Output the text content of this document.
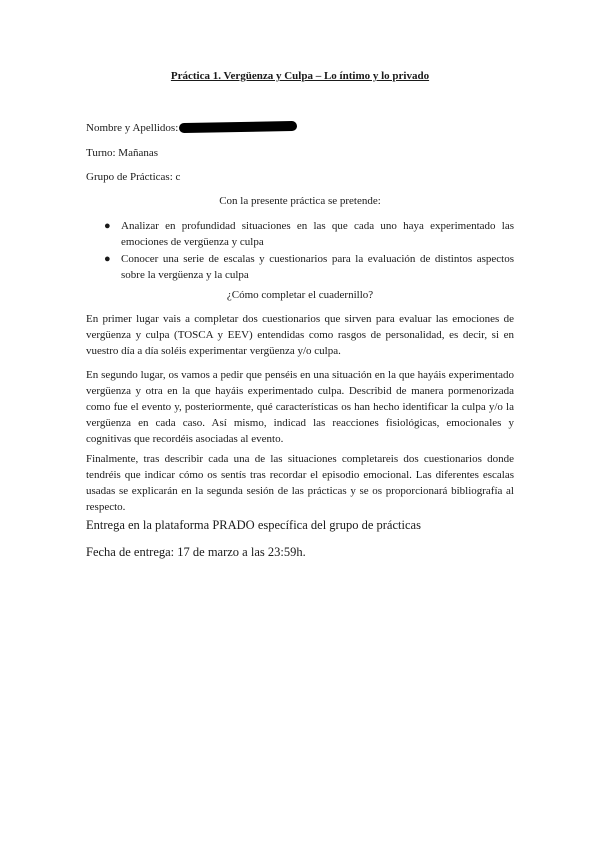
Práctica 1. Vergüenza y Culpa – Lo íntimo y lo privado
Nombre y Apellidos:
Turno: Mañanas
Grupo de Prácticas: c
Con la presente práctica se pretende:
● Analizar en profundidad situaciones en las que cada uno haya experimentado las emociones de vergüenza y culpa
● Conocer una serie de escalas y cuestionarios para la evaluación de distintos aspectos sobre la vergüenza y la culpa
¿Cómo completar el cuadernillo?

En primer lugar vais a completar dos cuestionarios que sirven para evaluar las emociones de vergüenza y culpa (TOSCA y EEV) entendidas como rasgos de personalidad, es decir, si en vuestro día a día soléis experimentar vergüenza y/o culpa.

En segundo lugar, os vamos a pedir que penséis en una situación en la que hayáis experimentado vergüenza y otra en la que hayáis experimentado culpa. Describid de manera pormenorizada como fue el evento y, posteriormente, qué características os han hecho identificar la culpa y/o la vergüenza en cada caso. Así mismo, indicad las reacciones fisiológicas, emocionales y cognitivas que recordéis asociadas al evento.

Finalmente, tras describir cada una de las situaciones completareis dos cuestionarios donde tendréis que indicar cómo os sentís tras recordar el episodio emocional. Las diferentes escalas usadas se explicarán en la segunda sesión de las prácticas y se os proporcionará bibliografía al respecto.

Entrega en la plataforma PRADO específica del grupo de prácticas
Fecha de entrega: 17 de marzo a las 23:59h.
